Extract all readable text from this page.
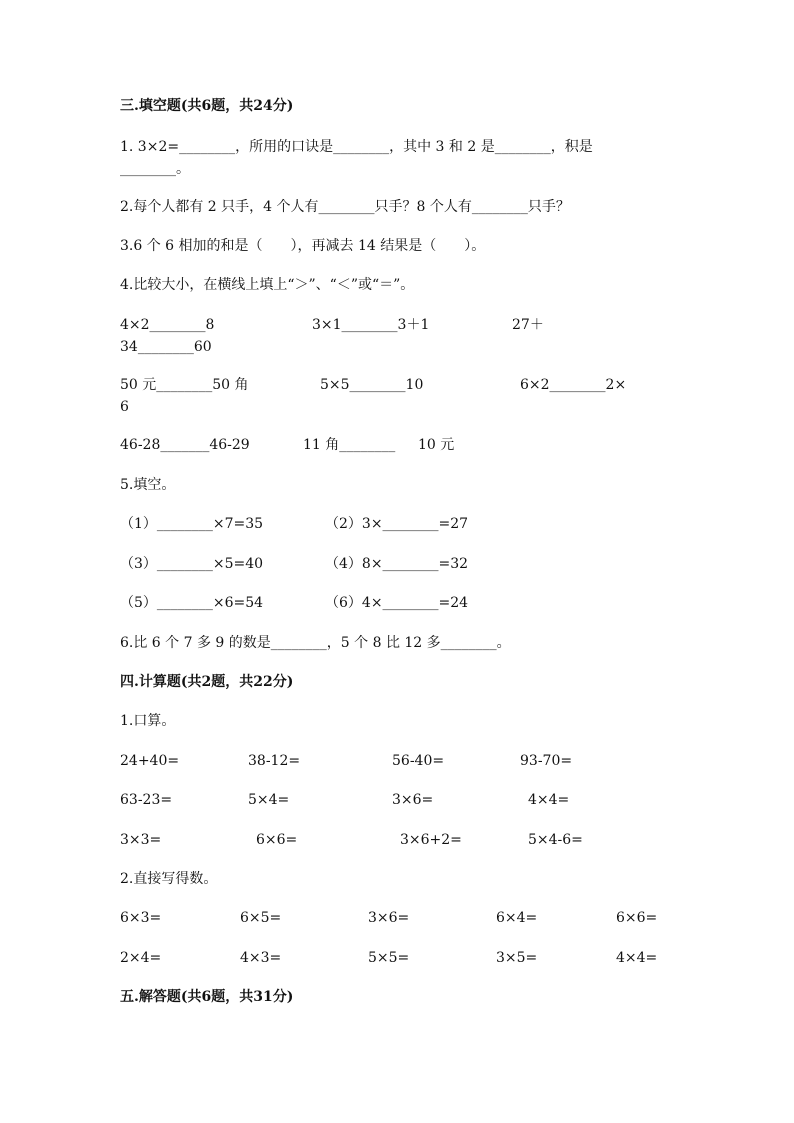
三.填空题(共6题，共24分)
1. 3×2=________，所用的口诀是________，其中 3 和 2 是________，积是
________。
2.每个人都有 2 只手，4 个人有________只手？8 个人有________只手？
3.6 个 6 相加的和是（　　），再减去 14 结果是（　　）。
4.比较大小，在横线上填上“＞”、“＜”或“＝”。
4×2________8	3×1________3＋1	27＋
34________60
50 元________50 角	5×5________10	6×2________2×
6
46-28_______46-29	11 角________ 10 元
5.填空。
（1）________×7=35	（2）3×________=27
（3）________×5=40	（4）8×________=32
（5）________×6=54	（6）4×________=24
6.比 6 个 7 多 9 的数是________，5 个 8 比 12 多________。
四.计算题(共2题，共22分)
1.口算。
24+40=	38-12=	56-40=	93-70=
63-23=	5×4=	3×6=	4×4=
3×3=	6×6=	3×6+2=	5×4-6=
2.直接写得数。
6×3=	6×5=	3×6=	6×4=	6×6=
2×4=	4×3=	5×5=	3×5=	4×4=
五.解答题(共6题，共31分)
